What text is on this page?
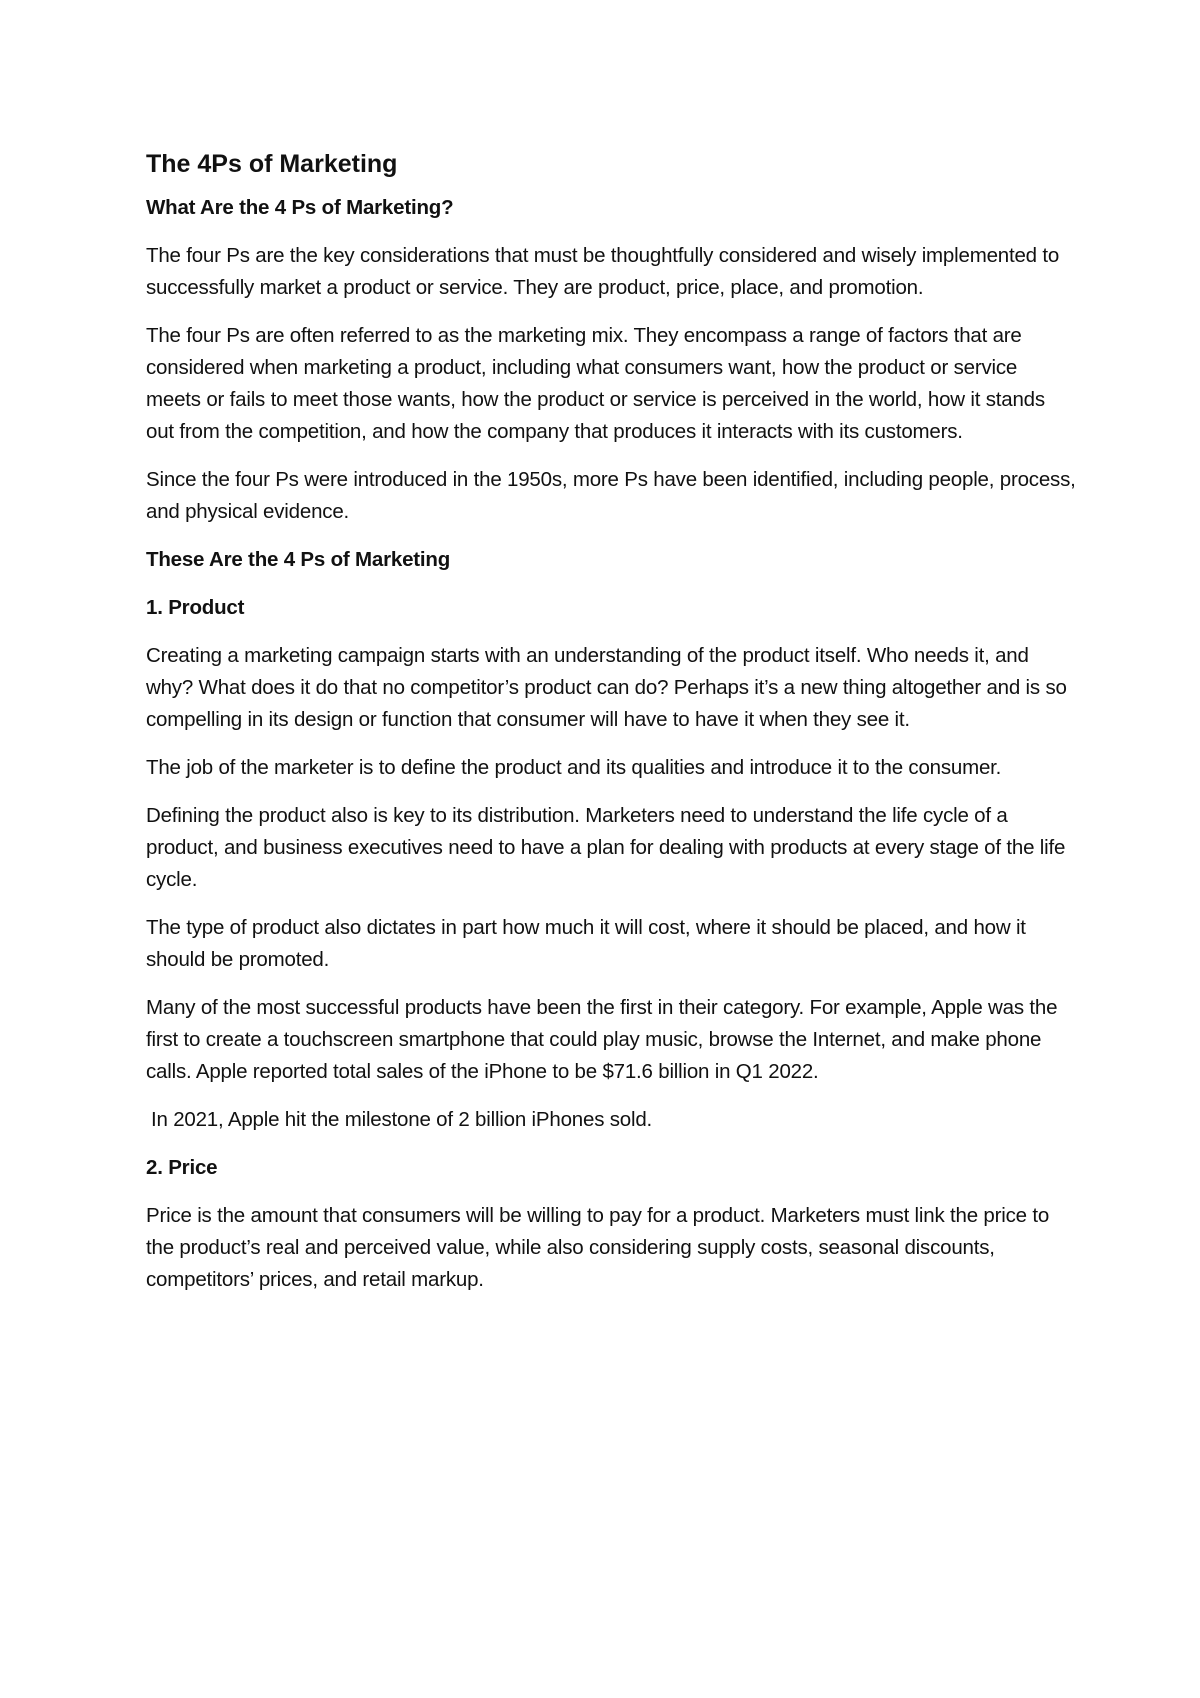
The 4Ps of Marketing
What Are the 4 Ps of Marketing?

The four Ps are the key considerations that must be thoughtfully considered and wisely implemented to successfully market a product or service. They are product, price, place, and promotion.

The four Ps are often referred to as the marketing mix. They encompass a range of factors that are considered when marketing a product, including what consumers want, how the product or service meets or fails to meet those wants, how the product or service is perceived in the world, how it stands out from the competition, and how the company that produces it interacts with its customers.

Since the four Ps were introduced in the 1950s, more Ps have been identified, including people, process, and physical evidence.

These Are the 4 Ps of Marketing
1. Product

Creating a marketing campaign starts with an understanding of the product itself. Who needs it, and why? What does it do that no competitor’s product can do? Perhaps it’s a new thing altogether and is so compelling in its design or function that consumer will have to have it when they see it.

The job of the marketer is to define the product and its qualities and introduce it to the consumer.

Defining the product also is key to its distribution. Marketers need to understand the life cycle of a product, and business executives need to have a plan for dealing with products at every stage of the life cycle.

The type of product also dictates in part how much it will cost, where it should be placed, and how it should be promoted.

Many of the most successful products have been the first in their category. For example, Apple was the first to create a touchscreen smartphone that could play music, browse the Internet, and make phone calls. Apple reported total sales of the iPhone to be $71.6 billion in Q1 2022.

In 2021, Apple hit the milestone of 2 billion iPhones sold.

2. Price

Price is the amount that consumers will be willing to pay for a product. Marketers must link the price to the product’s real and perceived value, while also considering supply costs, seasonal discounts, competitors’ prices, and retail markup.
